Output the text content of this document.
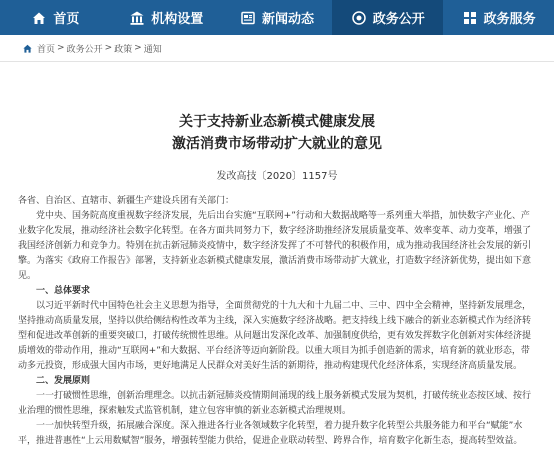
首页	机构设置	新闻动态	政务公开	政务服务
首页 > 政务公开 > 政策 > 通知
关于支持新业态新模式健康发展
激活消费市场带动扩大就业的意见
发改高技〔2020〕1157号

各省、自治区、直辖市、新疆生产建设兵团有关部门：

党中央、国务院高度重视数字经济发展，先后出台实施“互联网+”行动和大数据战略等一系列重大举措，加快数字产业化、产业数字化发展，推动经济社会数字化转型。在各方面共同努力下，数字经济助推经济发展质量变革、效率变革、动力变革，增强了我国经济创新力和竞争力。特别在抗击新冠肺炎疫情中，数字经济发挥了不可替代的积极作用，成为推动我国经济社会发展的新引擎。为落实《政府工作报告》部署，支持新业态新模式健康发展，激活消费市场带动扩大就业，打造数字经济新优势，提出如下意见。

一、总体要求

以习近平新时代中国特色社会主义思想为指导，全面贯彻党的十九大和十九届二中、三中、四中全会精神，坚持新发展理念，坚持推动高质量发展，坚持以供给侧结构性改革为主线，深入实施数字经济战略。把支持线上线下融合的新业态新模式作为经济转型和促进改革创新的重要突破口，打破传统惯性思维。从问题出发深化改革、加强制度供给，更有效发挥数字化创新对实体经济提质增效的带动作用，推动“互联网+”和大数据、平台经济等迈向新阶段。以重大项目为抓手创造新的需求，培育新的就业形态，带动多元投资，形成强大国内市场，更好地满足人民群众对美好生活的新期待，推动构建现代化经济体系，实现经济高质量发展。

二、发展原则

一一打破惯性思维，创新治理理念。以抗击新冠肺炎疫情期间涌现的线上服务新模式发展为契机，打破传统业态按区域、按行业治理的惯性思维，探索触发式监管机制，建立包容审慎的新业态新模式治理规则。

一一加快转型升级，拓展融合深度。深入推进各行业各领域数字化转型，着力提升数字化转型公共服务能力和平台“赋能”水平，推进普惠性“上云用数赋智”服务，增强转型能力供给，促进企业联动转型、跨界合作，培育数字化新生态，提高转型效益。
